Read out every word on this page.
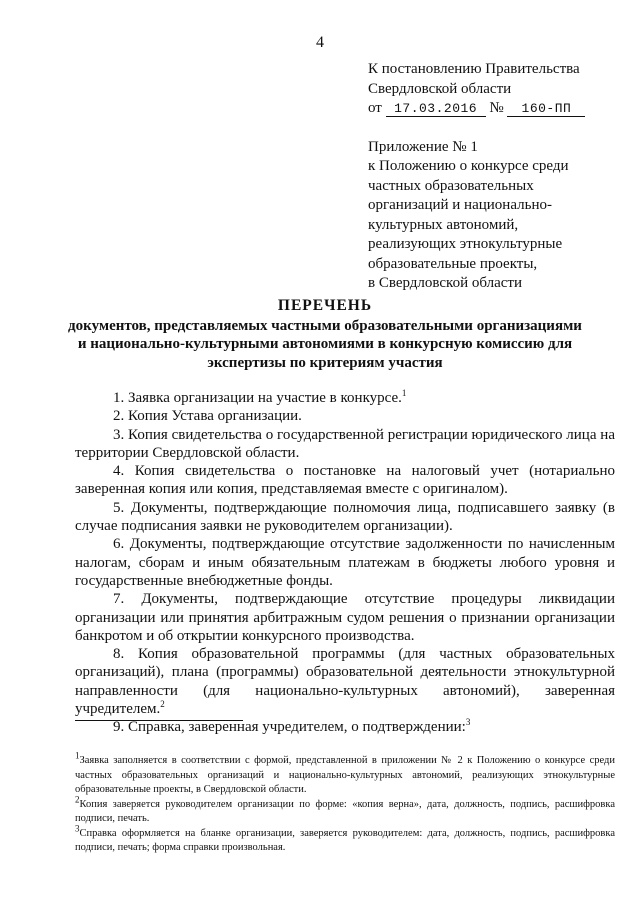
4
К постановлению Правительства
Свердловской области
от 17.03.2016 № 160-ПП
Приложение № 1
к Положению о конкурсе среди
частных образовательных
организаций и национально-
культурных автономий,
реализующих этнокультурные
образовательные проекты,
в Свердловской области
ПЕРЕЧЕНЬ
документов, представляемых частными образовательными организациями
и национально-культурными автономиями в конкурсную комиссию для
экспертизы по критериям участия

1. Заявка организации на участие в конкурсе.$^1$

2. Копия Устава организации.

3. Копия свидетельства о государственной регистрации юридического лица на территории Свердловской области.

4. Копия свидетельства о постановке на налоговый учет (нотариально заверенная копия или копия, представляемая вместе с оригиналом).

5. Документы, подтверждающие полномочия лица, подписавшего заявку (в случае подписания заявки не руководителем организации).

6. Документы, подтверждающие отсутствие задолженности по начисленным налогам, сборам и иным обязательным платежам в бюджеты любого уровня и государственные внебюджетные фонды.

7. Документы, подтверждающие отсутствие процедуры ликвидации организации или принятия арбитражным судом решения о признании организации банкротом и об открытии конкурсного производства.

8. Копия образовательной программы (для частных образовательных организаций), плана (программы) образовательной деятельности этнокультурной направленности (для национально-культурных автономий), заверенная учредителем.$^2$

9. Справка, заверенная учредителем, о подтверждении:$^3$

$^1$Заявка заполняется в соответствии с формой, представленной в приложении № 2 к Положению о конкурсе среди частных образовательных организаций и национально-культурных автономий, реализующих этнокультурные образовательные проекты, в Свердловской области.

$^2$Копия заверяется руководителем организации по форме: «копия верна», дата, должность, подпись, расшифровка подписи, печать.

$^3$Справка оформляется на бланке организации, заверяется руководителем: дата, должность, подпись, расшифровка подписи, печать; форма справки произвольная.
